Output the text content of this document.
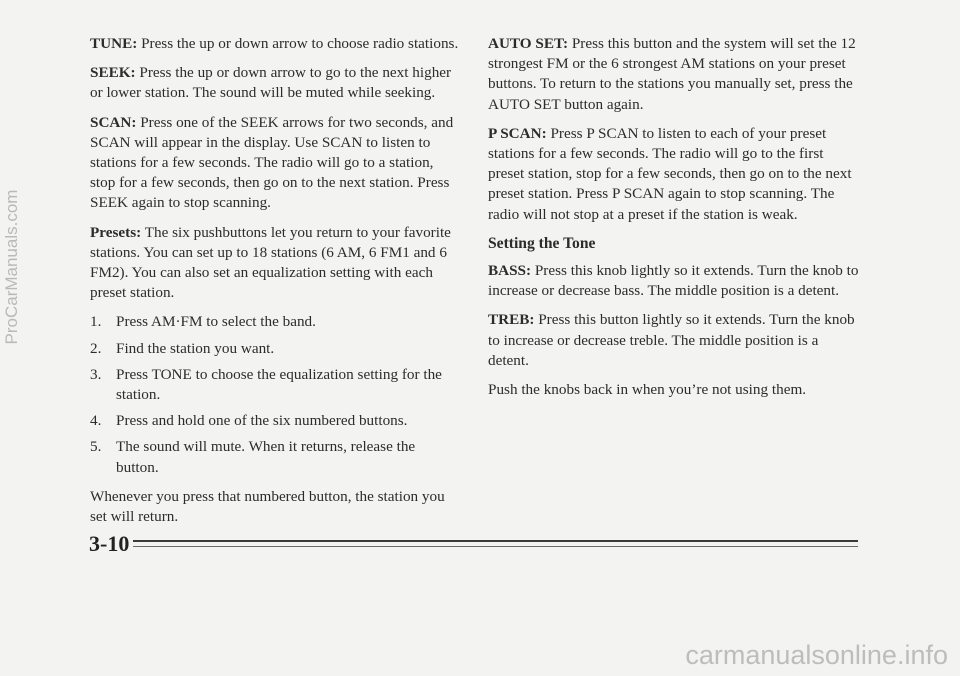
TUNE: Press the up or down arrow to choose radio stations.

SEEK: Press the up or down arrow to go to the next higher or lower station. The sound will be muted while seeking.

SCAN: Press one of the SEEK arrows for two seconds, and SCAN will appear in the display. Use SCAN to listen to stations for a few seconds. The radio will go to a station, stop for a few seconds, then go on to the next station. Press SEEK again to stop scanning.

Presets: The six pushbuttons let you return to your favorite stations. You can set up to 18 stations (6 AM, 6 FM1 and 6 FM2). You can also set an equalization setting with each preset station.

1. Press AM·FM to select the band.
2. Find the station you want.
3. Press TONE to choose the equalization setting for the station.
4. Press and hold one of the six numbered buttons.
5. The sound will mute. When it returns, release the button.

Whenever you press that numbered button, the station you set will return.

AUTO SET: Press this button and the system will set the 12 strongest FM or the 6 strongest AM stations on your preset buttons. To return to the stations you manually set, press the AUTO SET button again.

P SCAN: Press P SCAN to listen to each of your preset stations for a few seconds. The radio will go to the first preset station, stop for a few seconds, then go on to the next preset station. Press P SCAN again to stop scanning. The radio will not stop at a preset if the station is weak.

Setting the Tone

BASS: Press this knob lightly so it extends. Turn the knob to increase or decrease bass. The middle position is a detent.

TREB: Press this button lightly so it extends. Turn the knob to increase or decrease treble. The middle position is a detent.

Push the knobs back in when you’re not using them.

3-10
ProCarManuals.com
carmanualsonline.info
